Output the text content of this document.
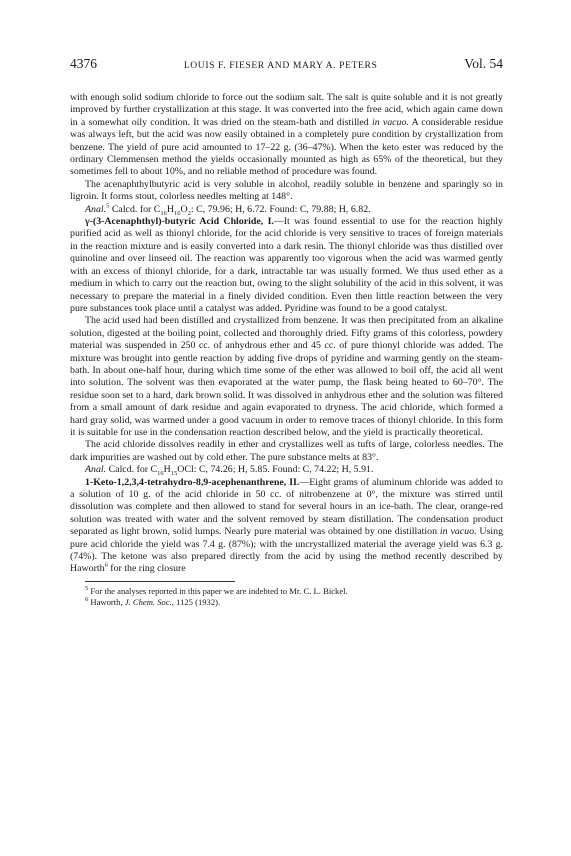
4376	LOUIS F. FIESER AND MARY A. PETERS	Vol. 54

with enough solid sodium chloride to force out the sodium salt. The salt is quite soluble and it is not greatly improved by further crystallization at this stage. It was converted into the free acid, which again came down in a somewhat oily condition. It was dried on the steam-bath and distilled in vacuo. A considerable residue was always left, but the acid was now easily obtained in a completely pure condition by crystallization from benzene. The yield of pure acid amounted to 17–22 g. (36–47%). When the keto ester was reduced by the ordinary Clemmensen method the yields occasionally mounted as high as 65% of the theoretical, but they sometimes fell to about 10%, and no reliable method of procedure was found.

The acenaphthylbutyric acid is very soluble in alcohol, readily soluble in benzene and sparingly so in ligroin. It forms stout, colorless needles melting at 148°.

Anal.$^5$ Calcd. for $C_{16}H_{16}O_2$: C, 79.96; H, 6.72. Found: C, 79.88; H, 6.82.

γ-(3-Acenaphthyl)-butyric Acid Chloride, I.—It was found essential to use for the reaction highly purified acid as well as thionyl chloride, for the acid chloride is very sensitive to traces of foreign materials in the reaction mixture and is easily converted into a dark resin. The thionyl chloride was thus distilled over quinoline and over linseed oil. The reaction was apparently too vigorous when the acid was warmed gently with an excess of thionyl chloride, for a dark, intractable tar was usually formed. We thus used ether as a medium in which to carry out the reaction but, owing to the slight solubility of the acid in this solvent, it was necessary to prepare the material in a finely divided condition. Even then little reaction between the very pure substances took place until a catalyst was added. Pyridine was found to be a good catalyst.

The acid used had been distilled and crystallized from benzene. It was then precipitated from an alkaline solution, digested at the boiling point, collected and thoroughly dried. Fifty grams of this colorless, powdery material was suspended in 250 cc. of anhydrous ether and 45 cc. of pure thionyl chloride was added. The mixture was brought into gentle reaction by adding five drops of pyridine and warming gently on the steam-bath. In about one-half hour, during which time some of the ether was allowed to boil off, the acid all went into solution. The solvent was then evaporated at the water pump, the flask being heated to 60–70°. The residue soon set to a hard, dark brown solid. It was dissolved in anhydrous ether and the solution was filtered from a small amount of dark residue and again evaporated to dryness. The acid chloride, which formed a hard gray solid, was warmed under a good vacuum in order to remove traces of thionyl chloride. In this form it is suitable for use in the condensation reaction described below, and the yield is practically theoretical.

The acid chloride dissolves readily in ether and crystallizes well as tufts of large, colorless needles. The dark impurities are washed out by cold ether. The pure substance melts at 83°.

Anal. Calcd. for $C_{16}H_{15}OCl$: C, 74.26; H, 5.85. Found: C, 74.22; H, 5.91.

1-Keto-1,2,3,4-tetrahydro-8,9-acephenanthrene, II.—Eight grams of aluminum chloride was added to a solution of 10 g. of the acid chloride in 50 cc. of nitrobenzene at 0°, the mixture was stirred until dissolution was complete and then allowed to stand for several hours in an ice-bath. The clear, orange-red solution was treated with water and the solvent removed by steam distillation. The condensation product separated as light brown, solid lumps. Nearly pure material was obtained by one distillation in vacuo. Using pure acid chloride the yield was 7.4 g. (87%); with the uncrystallized material the average yield was 6.3 g. (74%). The ketone was also prepared directly from the acid by using the method recently described by Haworth$^6$ for the ring closure

$^5$ For the analyses reported in this paper we are indebted to Mr. C. L. Bickel.

$^6$ Haworth, J. Chem. Soc., 1125 (1932).
